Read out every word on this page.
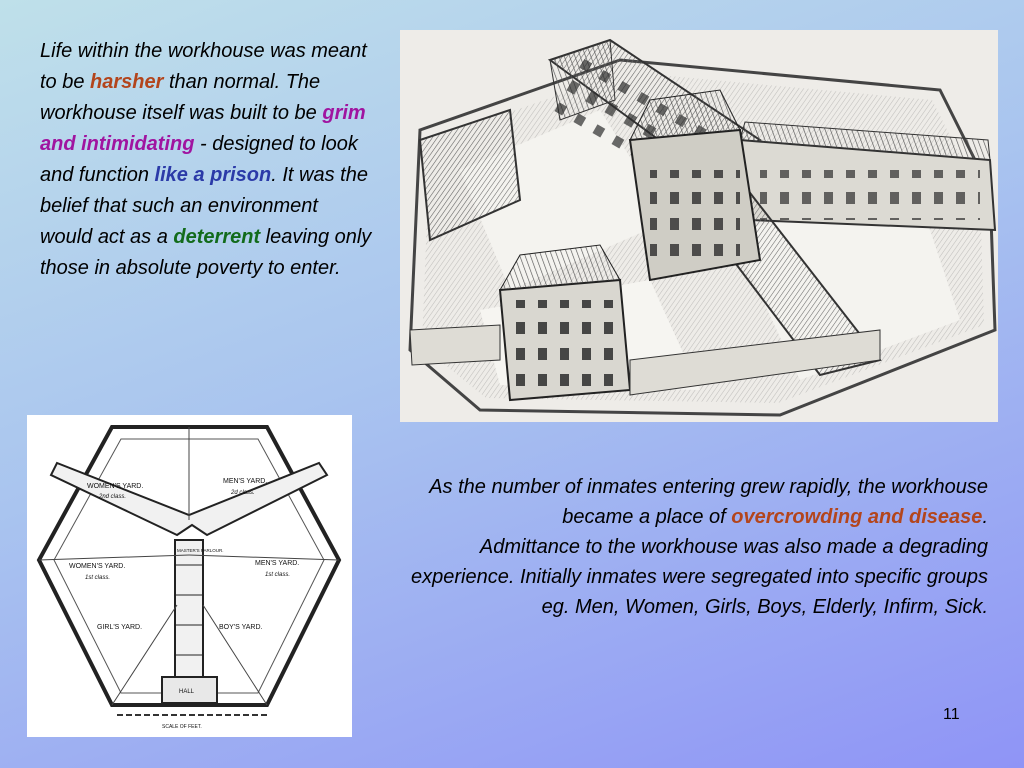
Life within the workhouse was meant to be harsher than normal. The workhouse itself was built to be grim and intimidating - designed to look and function like a prison. It was the belief that such an environment would act as a deterrent leaving only those in absolute poverty to enter.
WOMEN'S YARD.
2nd class.
MEN'S YARD.
2d class.
WOMEN'S YARD.
1st class.
MEN'S YARD.
1st class.
GIRL'S YARD.	BOY'S YARD.
MASTER'S PARLOUR.
HALL
SCALE OF FEET.
As the number of inmates entering grew rapidly, the workhouse became a place of overcrowding and disease.
Admittance to the workhouse was also made a degrading experience. Initially inmates were segregated into specific groups eg. Men, Women, Girls, Boys, Elderly, Infirm, Sick.
11
